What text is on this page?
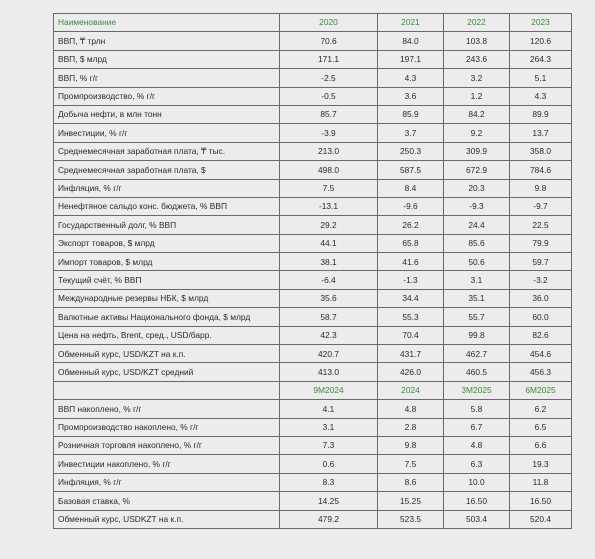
Наименование	2020	2021	2022	2023
ВВП, ₸ трлн	70.6	84.0	103.8	120.6
ВВП, $ млрд	171.1	197.1	243.6	264.3
ВВП, % г/г	-2.5	4.3	3.2	5.1
Промпроизводство, % г/г	-0.5	3.6	1.2	4.3
Добыча нефти, в млн тонн	85.7	85.9	84.2	89.9
Инвестиции, % г/г	-3.9	3.7	9.2	13.7
Среднемесячная заработная плата, ₸ тыс.	213.0	250.3	309.9	358.0
Среднемесячная заработная плата, $	498.0	587.5	672.9	784.6
Инфляция, % г/г	7.5	8.4	20.3	9.8
Ненефтяное сальдо конс. бюджета, % ВВП	-13.1	-9.6	-9.3	-9.7
Государственный долг, % ВВП	29.2	26.2	24.4	22.5
Экспорт товаров, $ млрд	44.1	65.8	85.6	79.9
Импорт товаров, $ млрд	38.1	41.6	50.6	59.7
Текущий счёт, % ВВП	-6.4	-1.3	3.1	-3.2
Международные резервы НБК, $ млрд	35.6	34.4	35.1	36.0
Валютные активы Национального фонда, $ млрд	58.7	55.3	55.7	60.0
Цена на нефть, Brent, сред., USD/барр.	42.3	70.4	99.8	82.6
Обменный курс, USD/KZT на к.п.	420.7	431.7	462.7	454.6
Обменный курс, USD/KZT средний	413.0	426.0	460.5	456.3
	9М2024	2024	3М2025	6М2025
ВВП накоплено, % г/г	4.1	4.8	5.8	6.2
Промпроизводство накоплено, % г/г	3.1	2.8	6.7	6.5
Розничная торговля накоплено, % г/г	7.3	9.8	4.8	6.6
Инвестиции накоплено, % г/г	0.6	7.5	6.3	19.3
Инфляция, % г/г	8.3	8.6	10.0	11.8
Базовая ставка, %	14.25	15.25	16.50	16.50
Обменный курс, USDKZT на к.п.	479.2	523.5	503.4	520.4
